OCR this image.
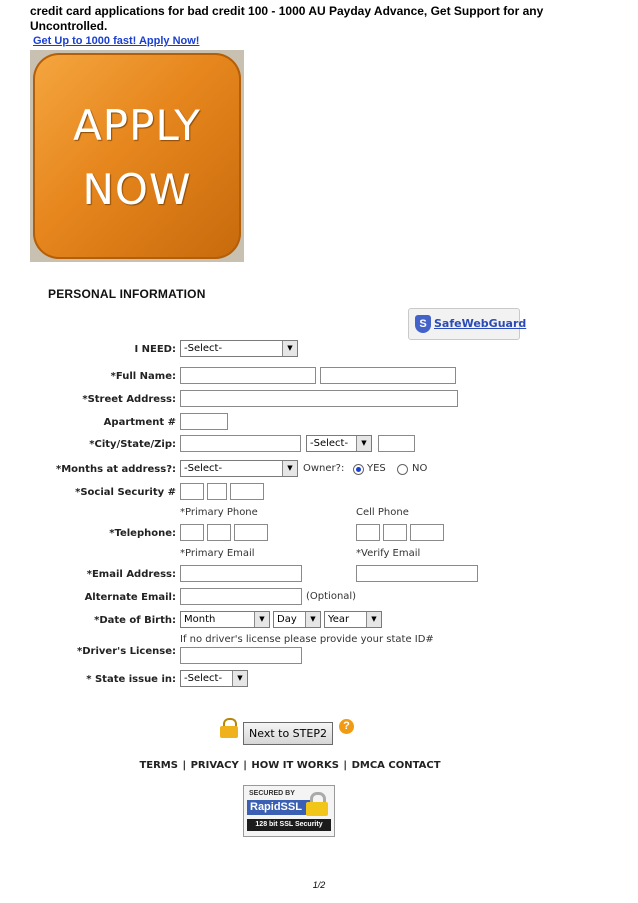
credit card applications for bad credit 100 - 1000 AU Payday Advance, Get Support for any Uncontrolled.
Get Up to 1000 fast! Apply Now!
APPLY
NOW
PERSONAL INFORMATION
S SafeWebGuard
I NEED: -Select-	▼
*Full Name:
*Street Address:
Apartment #
*City/State/Zip:	-Select-	▼
*Months at address?: -Select-	▼	Owner?: YES	NO
*Social Security #
*Primary Phone	Cell Phone
*Telephone:
*Primary Email	*Verify Email
*Email Address:
Alternate Email:	(Optional)
*Date of Birth: Month	▼	Day	▼	Year	▼
If no driver's license please provide your state ID#
*Driver's License:
* State issue in: -Select-	▼
Next to STEP2
?
TERMS | PRIVACY | HOW IT WORKS | DMCA CONTACT
SECURED BY
RapidSSL
128 bit SSL Security
1/2
